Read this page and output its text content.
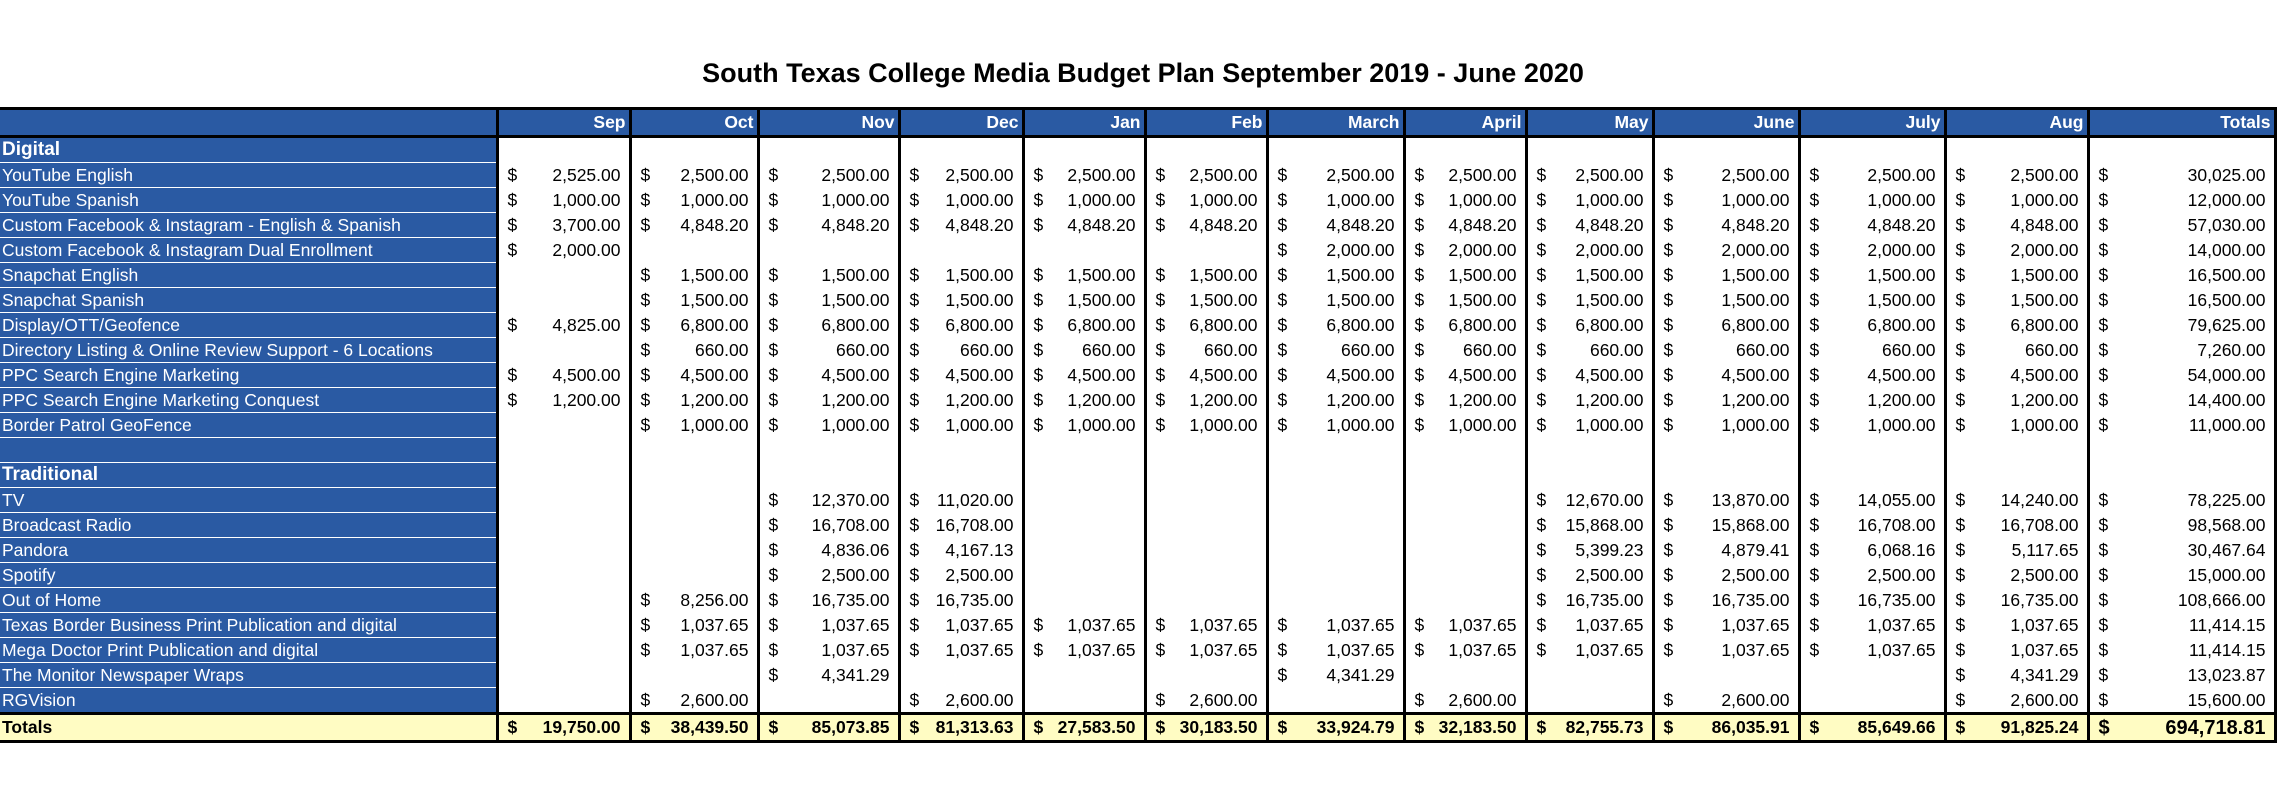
South Texas College Media Budget Plan September 2019 - June 2020
	Sep	Oct	Nov	Dec	Jan	Feb	March	April	May	June	July	Aug	Totals
Digital													
YouTube English	$ 2,525.00	$ 2,500.00	$ 2,500.00	$ 2,500.00	$ 2,500.00	$ 2,500.00	$ 2,500.00	$ 2,500.00	$ 2,500.00	$ 2,500.00	$ 2,500.00	$ 2,500.00	$ 30,025.00

YouTube Spanish	$ 1,000.00	$ 1,000.00	$ 1,000.00	$ 1,000.00	$ 1,000.00	$ 1,000.00	$ 1,000.00	$ 1,000.00	$ 1,000.00	$ 1,000.00	$ 1,000.00	$ 1,000.00	$ 12,000.00

Custom Facebook & Instagram - English & Spanish	$ 3,700.00	$ 4,848.20	$ 4,848.20	$ 4,848.20	$ 4,848.20	$ 4,848.20	$ 4,848.20	$ 4,848.20	$ 4,848.20	$ 4,848.20	$ 4,848.20	$ 4,848.00	$ 57,030.00

Custom Facebook & Instagram Dual Enrollment	$ 2,000.00						$ 2,000.00	$ 2,000.00	$ 2,000.00	$ 2,000.00	$ 2,000.00	$ 2,000.00	$ 14,000.00

Snapchat English		$ 1,500.00	$ 1,500.00	$ 1,500.00	$ 1,500.00	$ 1,500.00	$ 1,500.00	$ 1,500.00	$ 1,500.00	$ 1,500.00	$ 1,500.00	$ 1,500.00	$ 16,500.00

Snapchat Spanish		$ 1,500.00	$ 1,500.00	$ 1,500.00	$ 1,500.00	$ 1,500.00	$ 1,500.00	$ 1,500.00	$ 1,500.00	$ 1,500.00	$ 1,500.00	$ 1,500.00	$ 16,500.00

Display/OTT/Geofence	$ 4,825.00	$ 6,800.00	$ 6,800.00	$ 6,800.00	$ 6,800.00	$ 6,800.00	$ 6,800.00	$ 6,800.00	$ 6,800.00	$ 6,800.00	$ 6,800.00	$ 6,800.00	$ 79,625.00

Directory Listing & Online Review Support - 6 Locations		$ 660.00	$ 660.00	$ 660.00	$ 660.00	$ 660.00	$ 660.00	$ 660.00	$ 660.00	$ 660.00	$ 660.00	$ 660.00	$ 7,260.00

PPC Search Engine Marketing	$ 4,500.00	$ 4,500.00	$ 4,500.00	$ 4,500.00	$ 4,500.00	$ 4,500.00	$ 4,500.00	$ 4,500.00	$ 4,500.00	$ 4,500.00	$ 4,500.00	$ 4,500.00	$ 54,000.00

PPC Search Engine Marketing Conquest	$ 1,200.00	$ 1,200.00	$ 1,200.00	$ 1,200.00	$ 1,200.00	$ 1,200.00	$ 1,200.00	$ 1,200.00	$ 1,200.00	$ 1,200.00	$ 1,200.00	$ 1,200.00	$ 14,400.00

Border Patrol GeoFence		$ 1,000.00	$ 1,000.00	$ 1,000.00	$ 1,000.00	$ 1,000.00	$ 1,000.00	$ 1,000.00	$ 1,000.00	$ 1,000.00	$ 1,000.00	$ 1,000.00	$ 11,000.00

Traditional													
TV			$ 12,370.00	$ 11,020.00					$ 12,670.00	$ 13,870.00	$ 14,055.00	$ 14,240.00	$ 78,225.00

Broadcast Radio			$ 16,708.00	$ 16,708.00					$ 15,868.00	$ 15,868.00	$ 16,708.00	$ 16,708.00	$ 98,568.00

Pandora			$ 4,836.06	$ 4,167.13					$ 5,399.23	$ 4,879.41	$ 6,068.16	$ 5,117.65	$ 30,467.64

Spotify			$ 2,500.00	$ 2,500.00					$ 2,500.00	$ 2,500.00	$ 2,500.00	$ 2,500.00	$ 15,000.00

Out of Home		$ 8,256.00	$ 16,735.00	$ 16,735.00					$ 16,735.00	$ 16,735.00	$ 16,735.00	$ 16,735.00	$ 108,666.00

Texas Border Business Print Publication and digital		$ 1,037.65	$ 1,037.65	$ 1,037.65	$ 1,037.65	$ 1,037.65	$ 1,037.65	$ 1,037.65	$ 1,037.65	$ 1,037.65	$ 1,037.65	$ 1,037.65	$ 11,414.15

Mega Doctor Print Publication and digital		$ 1,037.65	$ 1,037.65	$ 1,037.65	$ 1,037.65	$ 1,037.65	$ 1,037.65	$ 1,037.65	$ 1,037.65	$ 1,037.65	$ 1,037.65	$ 1,037.65	$ 11,414.15

The Monitor Newspaper Wraps			$ 4,341.29				$ 4,341.29					$ 4,341.29	$ 13,023.87

RGVision		$ 2,600.00		$ 2,600.00		$ 2,600.00		$ 2,600.00		$ 2,600.00		$ 2,600.00	$ 15,600.00

Totals	$ 19,750.00	$ 38,439.50	$ 85,073.85	$ 81,313.63	$ 27,583.50	$ 30,183.50	$ 33,924.79	$ 32,183.50	$ 82,755.73	$ 86,035.91	$ 85,649.66	$ 91,825.24	$ 694,718.81
